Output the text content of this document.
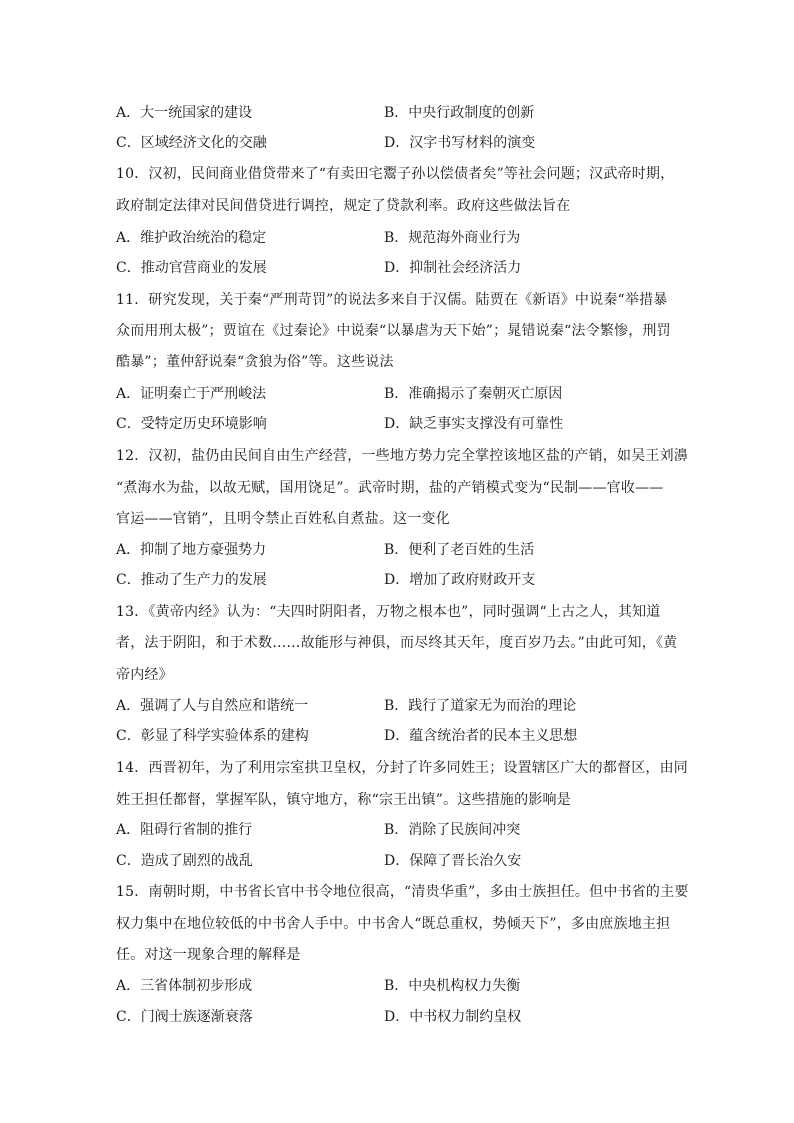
A．大一统国家的建设	B．中央行政制度的创新
C．区域经济文化的交融	D．汉字书写材料的演变
10．汉初，民间商业借贷带来了“有卖田宅鬻子孙以偿债者矣”等社会问题；汉武帝时期，
政府制定法律对民间借贷进行调控，规定了贷款利率。政府这些做法旨在
A．维护政治统治的稳定	B．规范海外商业行为
C．推动官营商业的发展	D．抑制社会经济活力
11．研究发现，关于秦“严刑苛罚”的说法多来自于汉儒。陆贾在《新语》中说秦“举措暴
众而用刑太极”；贾谊在《过秦论》中说秦“以暴虐为天下始”；晁错说秦“法令繁惨，刑罚
酷暴”；董仲舒说秦“贪狼为俗”等。这些说法
A．证明秦亡于严刑峻法	B．准确揭示了秦朝灭亡原因
C．受特定历史环境影响	D．缺乏事实支撑没有可靠性
12．汉初，盐仍由民间自由生产经营，一些地方势力完全掌控该地区盐的产销，如吴王刘濞
“煮海水为盐，以故无赋，国用饶足”。武帝时期，盐的产销模式变为“民制——官收——
官运——官销”，且明令禁止百姓私自煮盐。这一变化
A．抑制了地方豪强势力	B．便利了老百姓的生活
C．推动了生产力的发展	D．增加了政府财政开支
13．《黄帝内经》认为：“夫四时阴阳者，万物之根本也”，同时强调“上古之人，其知道
者，法于阴阳，和于术数……故能形与神俱，而尽终其天年，度百岁乃去。”由此可知，《黄
帝内经》
A．强调了人与自然应和谐统一	B．践行了道家无为而治的理论
C．彰显了科学实验体系的建构	D．蕴含统治者的民本主义思想
14．西晋初年，为了利用宗室拱卫皇权，分封了许多同姓王；设置辖区广大的都督区，由同
姓王担任都督，掌握军队，镇守地方，称“宗王出镇”。这些措施的影响是
A．阻碍行省制的推行	B．消除了民族间冲突
C．造成了剧烈的战乱	D．保障了晋长治久安
15．南朝时期，中书省长官中书令地位很高，“清贵华重”，多由士族担任。但中书省的主要
权力集中在地位较低的中书舍人手中。中书舍人“既总重权，势倾天下”，多由庶族地主担
任。对这一现象合理的解释是
A．三省体制初步形成	B．中央机构权力失衡
C．门阀士族逐渐衰落	D．中书权力制约皇权
